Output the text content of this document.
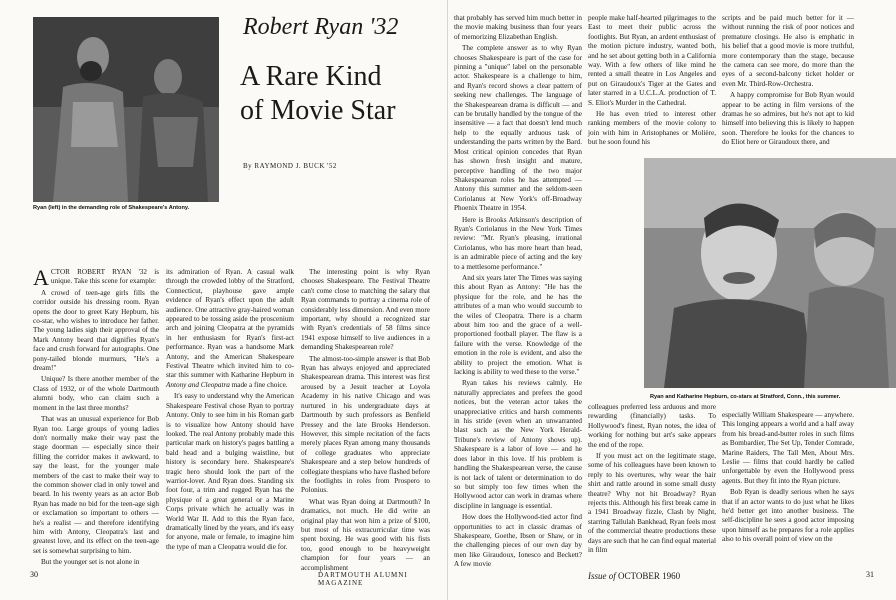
Ryan (left) in the demanding role of Shakespeare's Antony.
Robert Ryan '32
A Rare Kind
of Movie Star
By RAYMOND J. BUCK '52

ACTOR ROBERT RYAN '32 is unique. Take this scene for example:

A crowd of teen-age girls fills the corridor outside his dressing room. Ryan opens the door to greet Katy Hepburn, his co-star, who wishes to introduce her father. The young ladies sigh their approval of the Mark Antony beard that dignifies Ryan's face and crush forward for autographs. One pony-tailed blonde murmurs, "He's a dream!"

Unique? Is there another member of the Class of 1932, or of the whole Dartmouth alumni body, who can claim such a moment in the last three months?

That was an unusual experience for Bob Ryan too. Large groups of young ladies don't normally make their way past the stage doorman — especially since their filling the corridor makes it awkward, to say the least, for the younger male members of the cast to make their way to the common shower clad in only towel and beard. In his twenty years as an actor Bob Ryan has made no bid for the teen-age sigh or exclamation so important to others — he's a realist — and therefore identifying him with Antony, Cleopatra's last and greatest love, and its effect on the teen-age set is somewhat surprising to him.

But the younger set is not alone in

its admiration of Ryan. A casual walk through the crowded lobby of the Stratford, Connecticut, playhouse gave ample evidence of Ryan's effect upon the adult audience. One attractive gray-haired woman appeared to be tossing aside the proscenium arch and joining Cleopatra at the pyramids in her enthusiasm for Ryan's first-act performance. Ryan was a handsome Mark Antony, and the American Shakespeare Festival Theatre which invited him to co-star this summer with Katharine Hepburn in Antony and Cleopatra made a fine choice.

It's easy to understand why the American Shakespeare Festival chose Ryan to portray Antony. Only to see him in his Roman garb is to visualize how Antony should have looked. The real Antony probably made this particular mark on history's pages battling a bald head and a bulging waistline, but history is secondary here. Shakespeare's tragic hero should look the part of the warrior-lover. And Ryan does. Standing six foot four, a trim and rugged Ryan has the physique of a great general or a Marine Corps private which he actually was in World War II. Add to this the Ryan face, dramatically lined by the years, and it's easy for anyone, male or female, to imagine him the type of man a Cleopatra would die for.

The interesting point is why Ryan chooses Shakespeare. The Festival Theatre can't come close to matching the salary that Ryan commands to portray a cinema role of considerably less dimension. And even more important, why should a recognized star with Ryan's credentials of 58 films since 1941 expose himself to live audiences in a demanding Shakespearean role?

The almost-too-simple answer is that Bob Ryan has always enjoyed and appreciated Shakespearean drama. This interest was first aroused by a Jesuit teacher at Loyola Academy in his native Chicago and was nurtured in his undergraduate days at Dartmouth by such professors as Benfield Pressey and the late Brooks Henderson. However, this simple recitation of the facts merely places Ryan among many thousands of college graduates who appreciate Shakespeare and a step below hundreds of collegiate thespians who have flashed before the footlights in roles from Prospero to Polonius.

What was Ryan doing at Dartmouth? In dramatics, not much. He did write an original play that won him a prize of $100, but most of his extracurricular time was spent boxing. He was good with his fists too, good enough to be heavyweight champion for four years — an accomplishment

30	DARTMOUTH ALUMNI MAGAZINE

that probably has served him much better in the movie making business than four years of memorizing Elizabethan English.

The complete answer as to why Ryan chooses Shakespeare is part of the case for pinning a "unique" label on the personable actor. Shakespeare is a challenge to him, and Ryan's record shows a clear pattern of seeking new challenges. The language of the Shakespearean drama is difficult — and can be brutally handled by the tongue of the insensitive — a fact that doesn't lend much help to the equally arduous task of understanding the parts written by the Bard. Most critical opinion concedes that Ryan has shown fresh insight and mature, perceptive handling of the two major Shakespearean roles he has attempted — Antony this summer and the seldom-seen Coriolanus at New York's off-Broadway Phoenix Theatre in 1954.

Here is Brooks Atkinson's description of Ryan's Coriolanus in the New York Times review: "Mr. Ryan's pleasing, irrational Coriolanus, who has more heart than head, is an admirable piece of acting and the key to a mettlesome performance."

And six years later The Times was saying this about Ryan as Antony: "He has the physique for the role, and he has the attributes of a man who would succumb to the wiles of Cleopatra. There is a charm about him too and the grace of a well-proportioned football player. The flaw is a failure with the verse. Knowledge of the emotion in the role is evident, and also the ability to project the emotion. What is lacking is ability to wed these to the verse."

Ryan takes his reviews calmly. He naturally appreciates and prefers the good notices, but the veteran actor takes the unappreciative critics and harsh comments in his stride (even when an unwarranted blast such as the New York Herald-Tribune's review of Antony shows up). Shakespeare is a labor of love — and he does labor in this love. If his problem is handling the Shakespearean verse, the cause is not lack of talent or determination to do so but simply too few times when the Hollywood actor can work in dramas where discipline in language is essential.

How does the Hollywood-tied actor find opportunities to act in classic dramas of Shakespeare, Goethe, Ibsen or Shaw, or in the challenging pieces of our own day by men like Giraudoux, Ionesco and Beckett? A few movie

people make half-hearted pilgrimages to the East to meet their public across the footlights. But Ryan, an ardent enthusiast of the motion picture industry, wanted both, and he set about getting both in a California way. With a few others of like mind he rented a small theatre in Los Angeles and put on Giraudoux's Tiger at the Gates and later starred in a U.C.L.A. production of T. S. Eliot's Murder in the Cathedral.

He has even tried to interest other ranking members of the movie colony to join with him in Aristophanes or Molière, but he soon found his

colleagues preferred less arduous and more rewarding (financially) tasks. To Hollywood's finest, Ryan notes, the idea of working for nothing but art's sake appears the end of the rope.

If you must act on the legitimate stage, some of his colleagues have been known to reply to his overtures, why wear the hair shirt and rattle around in some small dusty theatre? Why not hit Broadway? Ryan rejects this. Although his first break came in a 1941 Broadway fizzle, Clash by Night, starring Tallulah Bankhead, Ryan feels most of the commercial theatre productions these days are such that he can find equal material in film

scripts and be paid much better for it — without running the risk of poor notices and premature closings. He also is emphatic in his belief that a good movie is more truthful, more contemporary than the stage, because the camera can see more, do more than the eyes of a second-balcony ticket holder or even Mr. Third-Row-Orchestra.

A happy compromise for Bob Ryan would appear to be acting in film versions of the dramas he so admires, but he's not apt to kid himself into believing this is likely to happen soon. Therefore he looks for the chances to do Eliot here or Giraudoux there, and

Ryan and Katharine Hepburn, co-stars at Stratford, Conn., this summer.

especially William Shakespeare — anywhere. This longing appears a world and a half away from his bread-and-butter roles in such films as Bombardier, The Set Up, Tender Comrade, Marine Raiders, The Tall Men, About Mrs. Leslie — films that could hardly be called unforgettable by even the Hollywood press agents. But they fit into the Ryan picture.

Bob Ryan is deadly serious when he says that if an actor wants to do just what he likes he'd better get into another business. The self-discipline he sees a good actor imposing upon himself as he prepares for a role applies also to his overall point of view on the

Issue of OCTOBER 1960	31
